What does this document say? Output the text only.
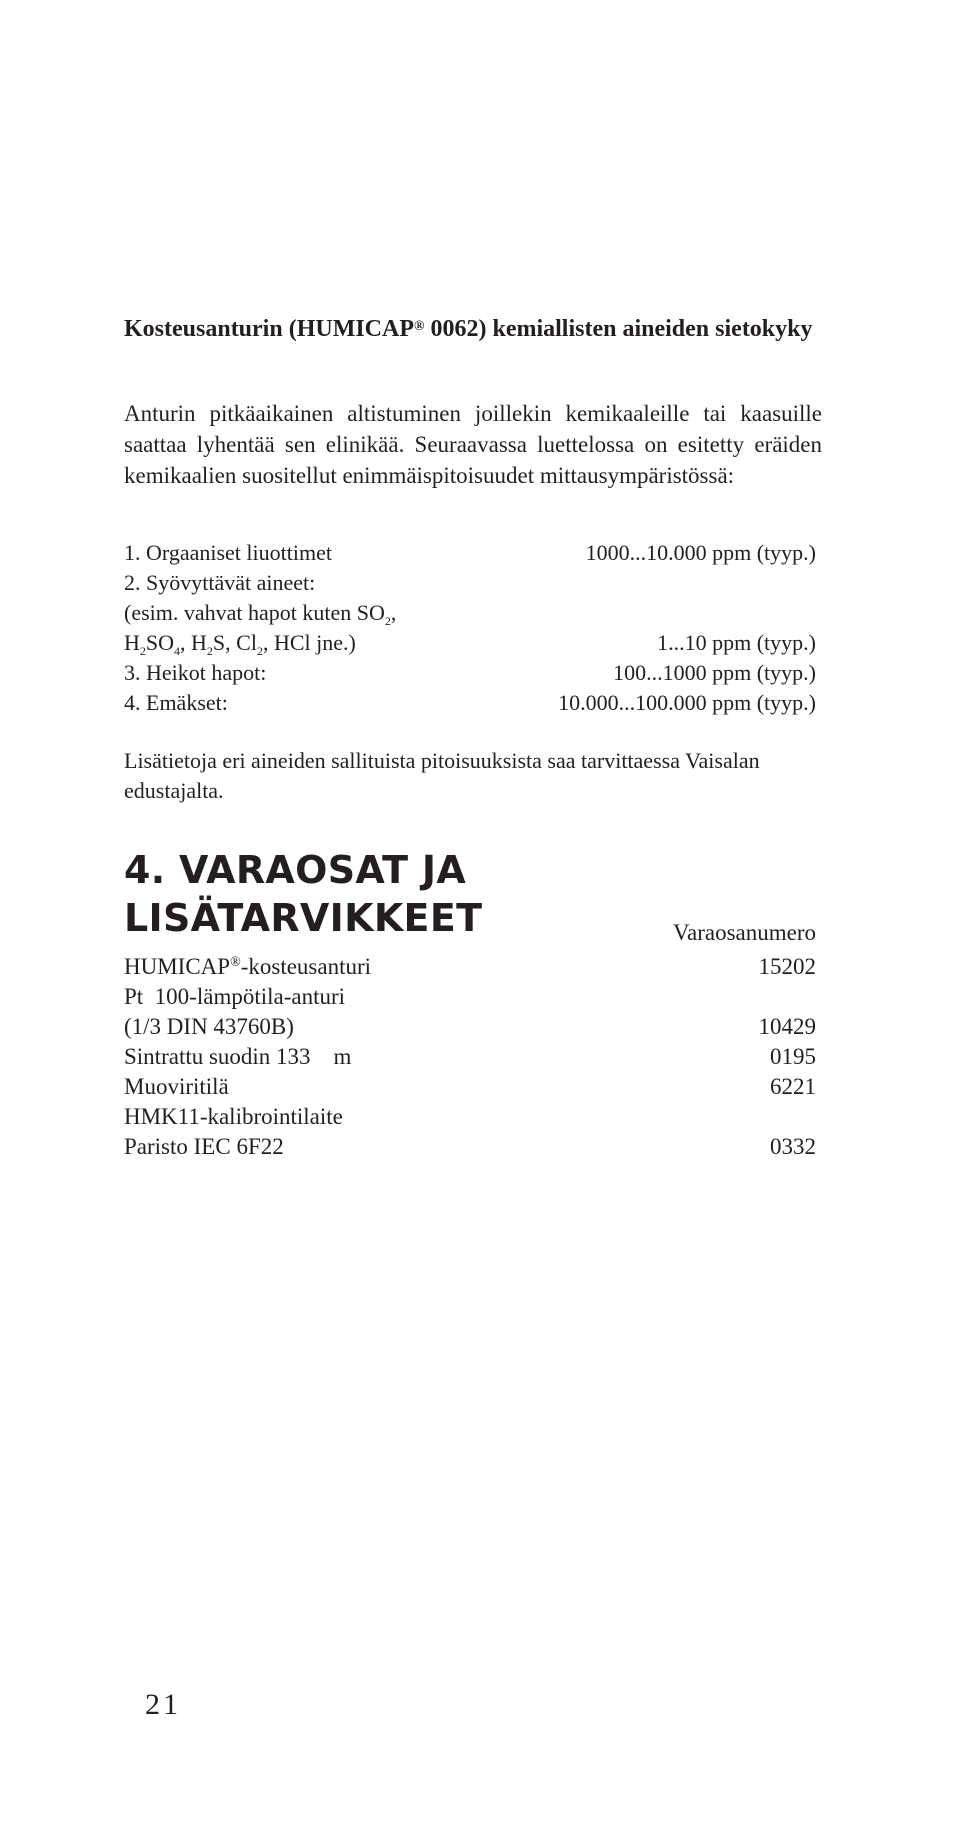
Kosteusanturin (HUMICAP® 0062) kemiallisten aineiden sietokyky

Anturin pitkäaikainen altistuminen joillekin kemikaaleille tai kaasuille saattaa lyhentää sen elinikää. Seuraavassa luettelossa on esitetty eräiden kemikaalien suositellut enimmäispitoisuudet mittausympäristössä:

1. Orgaaniset liuottimet	1000...10.000 ppm (tyyp.)
2. Syövyttävät aineet:
(esim. vahvat hapot kuten $SO_2$,
$H_2SO_4$, $H_2S$, $Cl_2$, HCl jne.)	1...10 ppm (tyyp.)
3. Heikot hapot:	100...1000 ppm (tyyp.)
4. Emäkset:	10.000...100.000 ppm (tyyp.)

Lisätietoja eri aineiden sallituista pitoisuuksista saa tarvittaessa Vaisalan edustajalta.

4. VARAOSAT JA LISÄTARVIKKEET	Varaosanumero
HUMICAP®-kosteusanturi	15202
Pt  100-lämpötila-anturi
(1/3 DIN 43760B)	10429
Sintrattu suodin 133    m	0195
Muoviritilä	6221
HMK11-kalibrointilaite
Paristo IEC 6F22	0332
21
